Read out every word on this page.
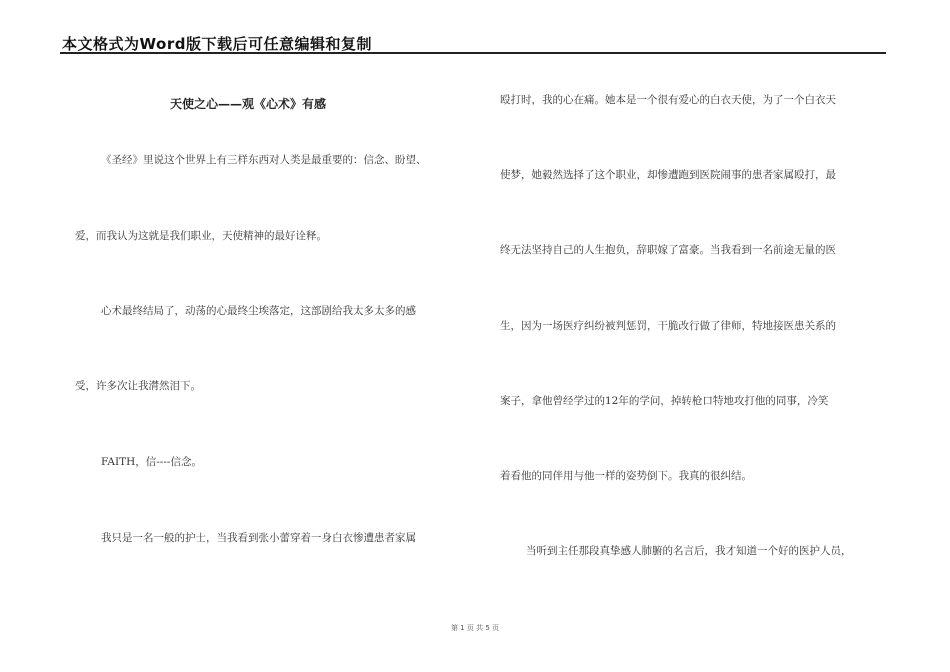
本文格式为Word版下载后可任意编辑和复制
天使之心——观《心术》有感
《圣经》里说这个世界上有三样东西对人类是最重要的：信念、盼望、
爱，而我认为这就是我们职业，天使精神的最好诠释。
心术最终结局了，动荡的心最终尘埃落定，这部剧给我太多太多的感
受，许多次让我潸然泪下。
FAITH，信----信念。
我只是一名一般的护士，当我看到张小蕾穿着一身白衣惨遭患者家属
殴打时，我的心在痛。她本是一个很有爱心的白衣天使，为了一个白衣天
使梦，她毅然选择了这个职业，却惨遭跑到医院闹事的患者家属殴打，最
终无法坚持自己的人生抱负，辞职嫁了富豪。当我看到一名前途无量的医
生，因为一场医疗纠纷被判惩罚，干脆改行做了律师，特地接医患关系的
案子，拿他曾经学过的12年的学问，掉转枪口特地攻打他的同事，冷笑
着看他的同伴用与他一样的姿势倒下。我真的很纠结。
当听到主任那段真挚感人肺腑的名言后，我才知道一个好的医护人员，
第 1 页 共 5 页
